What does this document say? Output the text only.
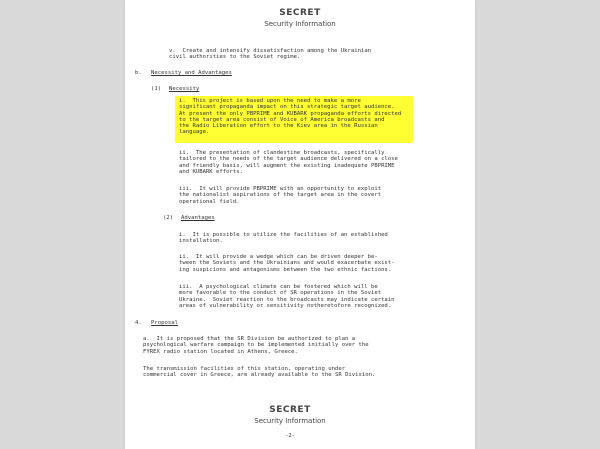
SECRET
Security Information
v.  Create and intensify dissatisfaction among the Ukrainian
civil authorities to the Soviet regime.
b. Necessity and Advantages
(1) Necessity
i.  This project is based upon the need to make a more
significant propaganda impact on this strategic target audience.
At present the only PBPRIME and KUBARK propaganda efforts directed
to the target area consist of Voice of America broadcasts and
the Radio Liberation effort to the Kiev area in the Russian
language.
ii.  The presentation of clandestine broadcasts, specifically
tailored to the needs of the target audience delivered on a close
and friendly basis, will augment the existing inadequate PBPRIME
and KUBARK efforts.
iii.  It will provide PBPRIME with an opportunity to exploit
the nationalist aspirations of the target area in the covert
operational field.
(2) Advantages
i.  It is possible to utilize the facilities of an established
installation.
ii.  It will provide a wedge which can be driven deeper be-
tween the Soviets and the Ukrainians and would exacerbate exist-
ing suspicions and antagonisms between the two ethnic factions.
iii.  A psychological climate can be fostered which will be
more favorable to the conduct of SR operations in the Soviet
Ukraine.  Soviet reaction to the broadcasts may indicate certain
areas of vulnerability or sensitivity notheretofore recognized.
4. Proposal
a.  It is proposed that the SR Division be authorized to plan a
psychological warfare campaign to be implemented initially over the
FYREX radio station located in Athens, Greece.
The transmission facilities of this station, operating under
commercial cover in Greece, are already available to the SR Division.
SECRET
Security Information
-2-
